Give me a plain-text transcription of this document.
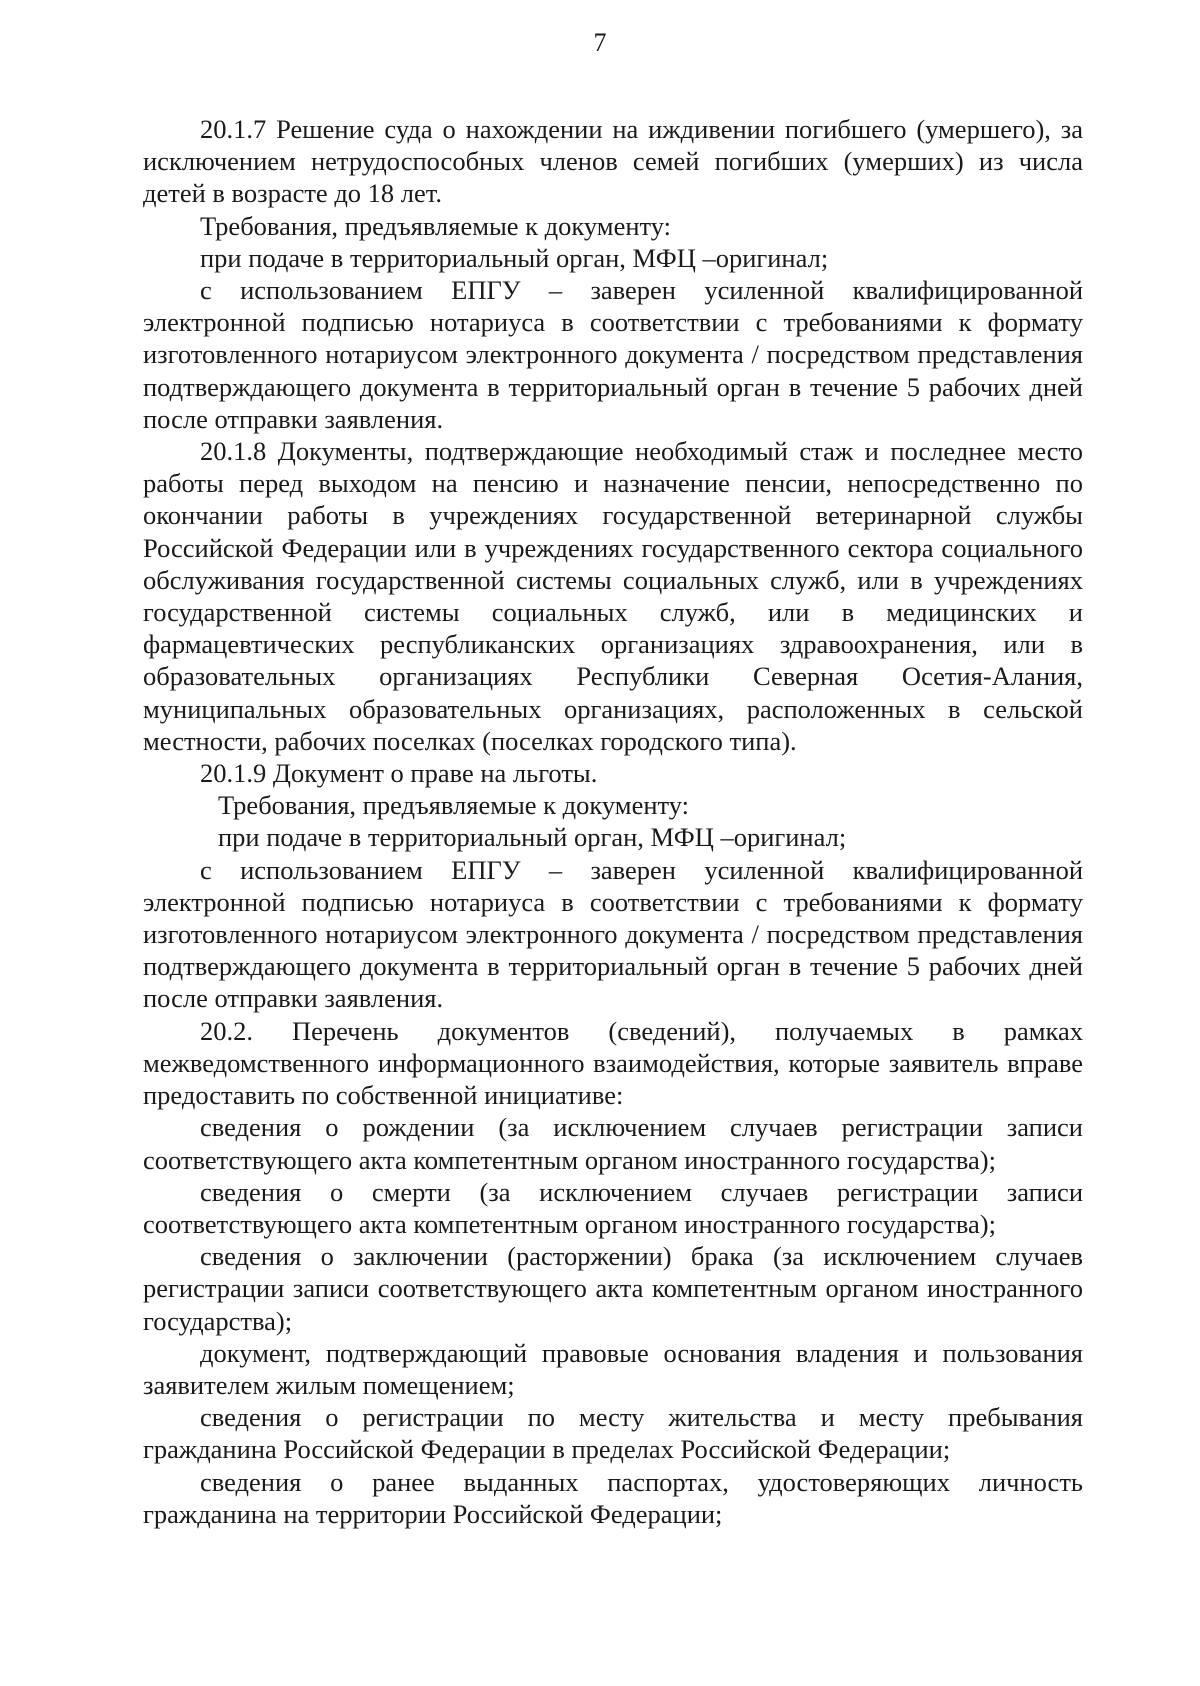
7

20.1.7 Решение суда о нахождении на иждивении погибшего (умершего), за исключением нетрудоспособных членов семей погибших (умерших) из числа детей в возрасте до 18 лет.

Требования, предъявляемые к документу:

при подаче в территориальный орган, МФЦ –оригинал;

с использованием ЕПГУ – заверен усиленной квалифицированной электронной подписью нотариуса в соответствии с требованиями к формату изготовленного нотариусом электронного документа / посредством представления подтверждающего документа в территориальный орган в течение 5 рабочих дней после отправки заявления.

20.1.8 Документы, подтверждающие необходимый стаж и последнее место работы перед выходом на пенсию и назначение пенсии, непосредственно по окончании работы в учреждениях государственной ветеринарной службы Российской Федерации или в учреждениях государственного сектора социального обслуживания государственной системы социальных служб, или в учреждениях государственной системы социальных служб, или в медицинских и фармацевтических республиканских организациях здравоохранения, или в образовательных организациях Республики Северная Осетия-Алания, муниципальных образовательных организациях, расположенных в сельской местности, рабочих поселках (поселках городского типа).

20.1.9 Документ о праве на льготы.

Требования, предъявляемые к документу:

при подаче в территориальный орган, МФЦ –оригинал;

с использованием ЕПГУ – заверен усиленной квалифицированной электронной подписью нотариуса в соответствии с требованиями к формату изготовленного нотариусом электронного документа / посредством представления подтверждающего документа в территориальный орган в течение 5 рабочих дней после отправки заявления.

20.2. Перечень документов (сведений), получаемых в рамках межведомственного информационного взаимодействия, которые заявитель вправе предоставить по собственной инициативе:

сведения о рождении (за исключением случаев регистрации записи соответствующего акта компетентным органом иностранного государства);

сведения о смерти (за исключением случаев регистрации записи соответствующего акта компетентным органом иностранного государства);

сведения о заключении (расторжении) брака (за исключением случаев регистрации записи соответствующего акта компетентным органом иностранного государства);

документ, подтверждающий правовые основания владения и пользования заявителем жилым помещением;

сведения о регистрации по месту жительства и месту пребывания гражданина Российской Федерации в пределах Российской Федерации;

сведения о ранее выданных паспортах, удостоверяющих личность гражданина на территории Российской Федерации;
